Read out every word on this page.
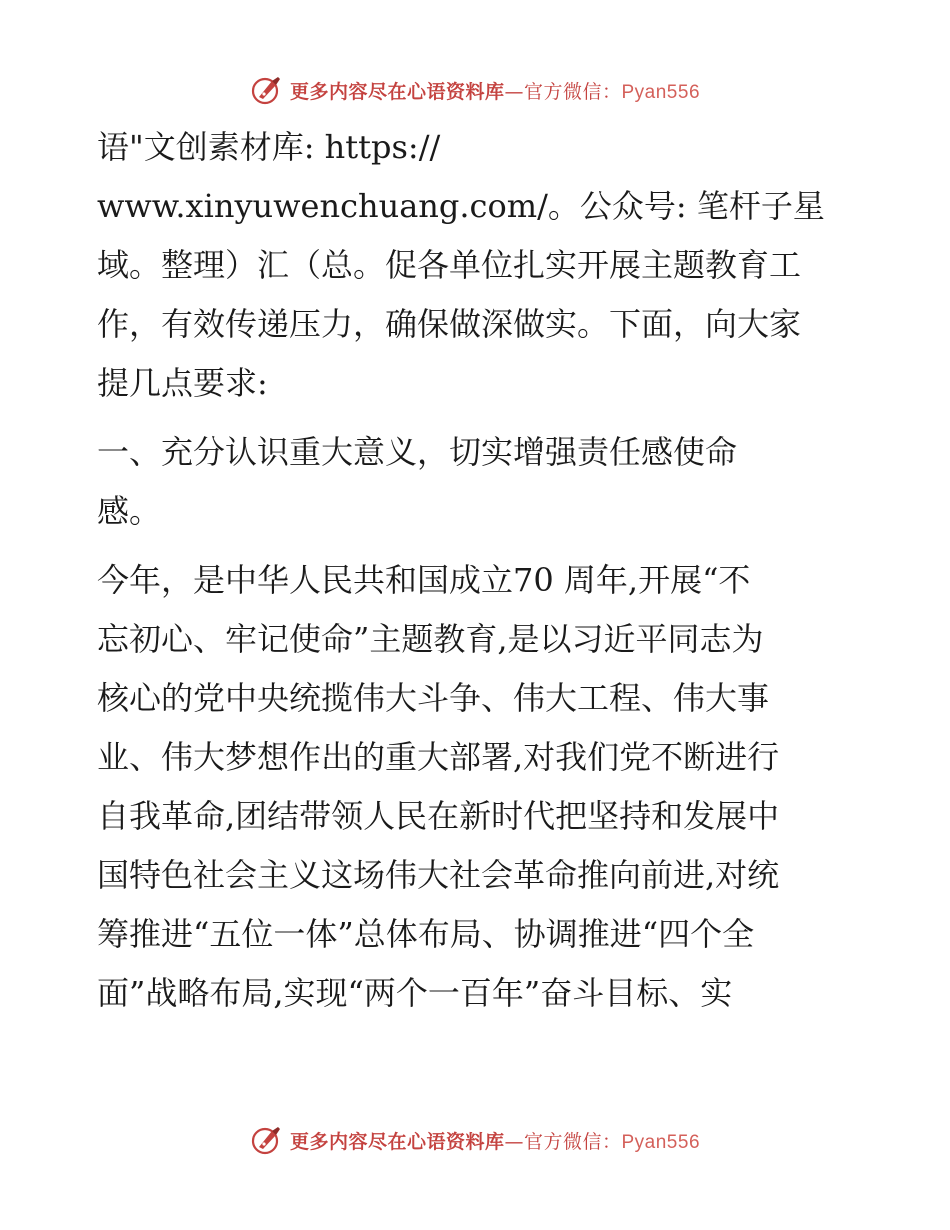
更多内容尽在心语资料库—官方微信：Pyan556
语"文创素材库: https://
www.xinyuwenchuang.com/。公众号: 笔杆子星
域。整理）汇（总。促各单位扎实开展主题教育工
作，有效传递压力，确保做深做实。下面，向大家
提几点要求:
一、充分认识重大意义，切实增强责任感使命
感。
今年，是中华人民共和国成立70 周年,开展“不
忘初心、牢记使命”主题教育,是以习近平同志为
核心的党中央统揽伟大斗争、伟大工程、伟大事
业、伟大梦想作出的重大部署,对我们党不断进行
自我革命,团结带领人民在新时代把坚持和发展中
国特色社会主义这场伟大社会革命推向前进,对统
筹推进“五位一体”总体布局、协调推进“四个全
面”战略布局,实现“两个一百年”奋斗目标、实
更多内容尽在心语资料库—官方微信：Pyan556
